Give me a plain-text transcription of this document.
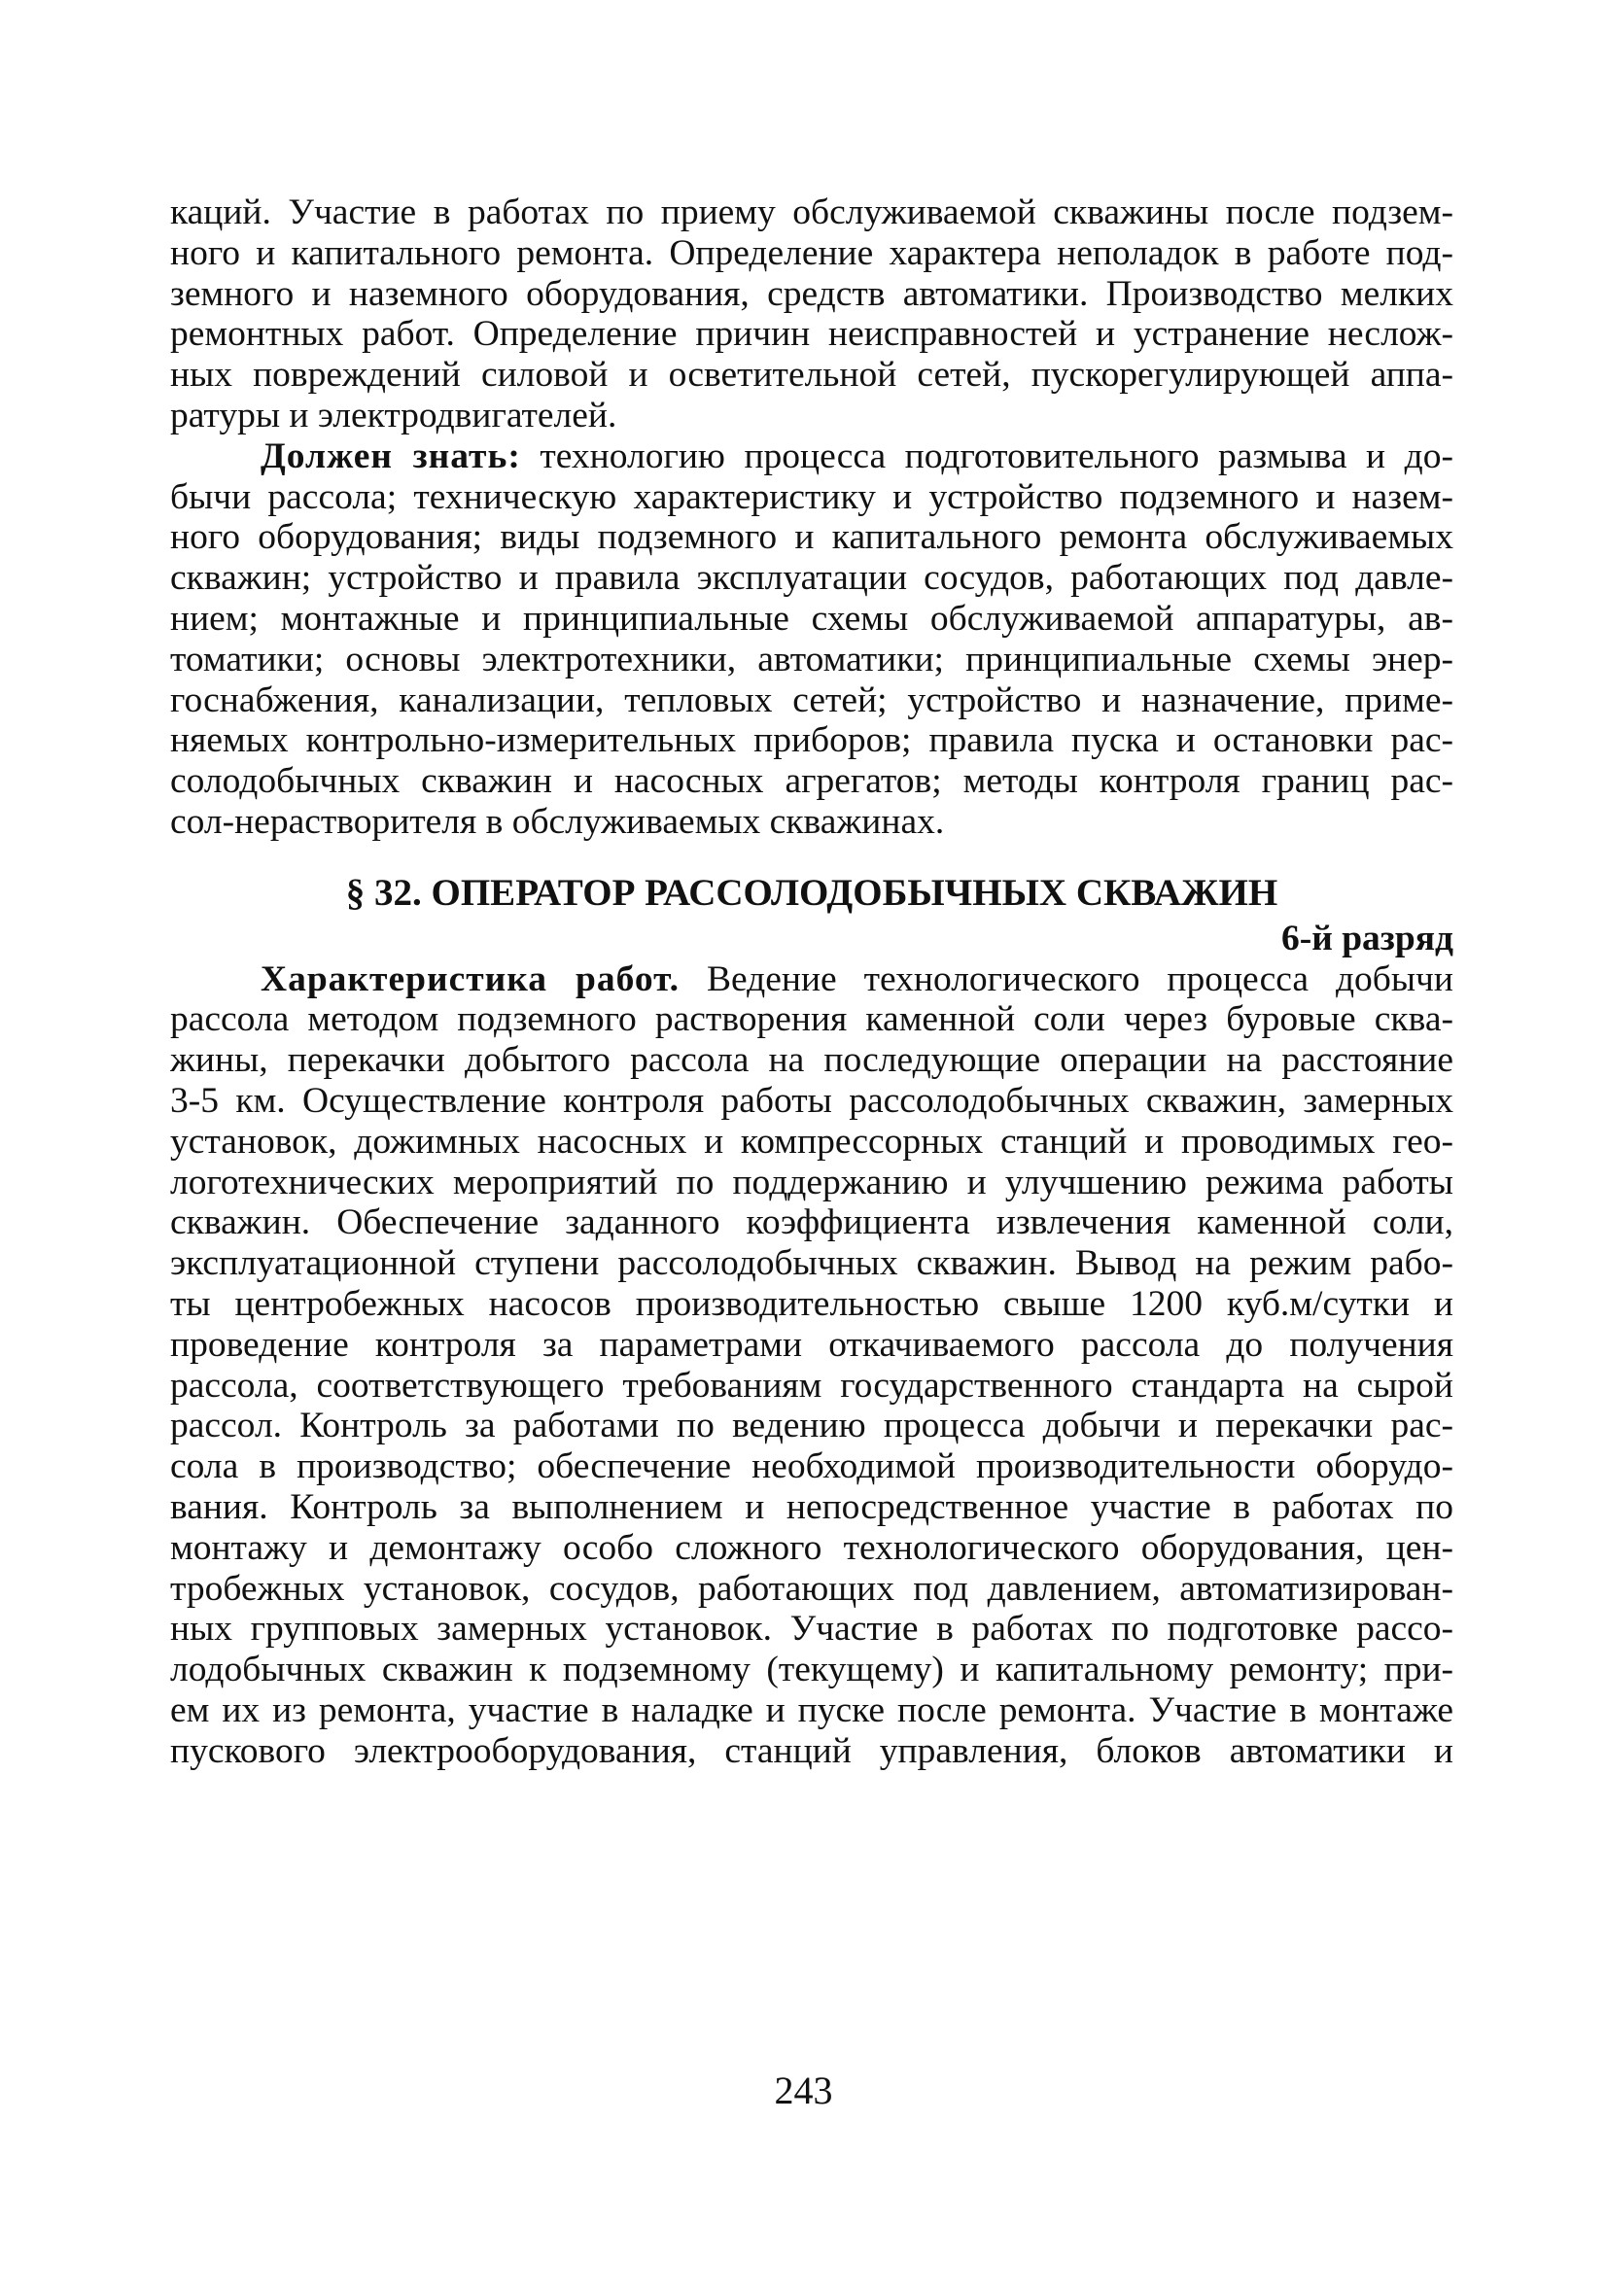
каций. Участие в работах по приему обслуживаемой скважины после подзем-
ного и капитального ремонта. Определение характера неполадок в работе под-
земного и наземного оборудования, средств автоматики. Производство мелких
ремонтных работ. Определение причин неисправностей и устранение неслож-
ных повреждений силовой и осветительной сетей, пускорегулирующей аппа-
ратуры и электродвигателей.
Должен знать: технологию процесса подготовительного размыва и до-
бычи рассола; техническую характеристику и устройство подземного и назем-
ного оборудования; виды подземного и капитального ремонта обслуживаемых
скважин; устройство и правила эксплуатации сосудов, работающих под давле-
нием; монтажные и принципиальные схемы обслуживаемой аппаратуры, ав-
томатики; основы электротехники, автоматики; принципиальные схемы энер-
госнабжения, канализации, тепловых сетей; устройство и назначение, приме-
няемых контрольно-измерительных приборов; правила пуска и остановки рас-
солодобычных скважин и насосных агрегатов; методы контроля границ рас-
сол-нерастворителя в обслуживаемых скважинах.
§ 32. ОПЕРАТОР РАССОЛОДОБЫЧНЫХ СКВАЖИН
6-й разряд
Характеристика работ. Ведение технологического процесса добычи
рассола методом подземного растворения каменной соли через буровые сква-
жины, перекачки добытого рассола на последующие операции на расстояние
3-5 км. Осуществление контроля работы рассолодобычных скважин, замерных
установок, дожимных насосных и компрессорных станций и проводимых гео-
логотехнических мероприятий по поддержанию и улучшению режима работы
скважин. Обеспечение заданного коэффициента извлечения каменной соли,
эксплуатационной ступени рассолодобычных скважин. Вывод на режим рабо-
ты центробежных насосов производительностью свыше 1200 куб.м/сутки и
проведение контроля за параметрами откачиваемого рассола до получения
рассола, соответствующего требованиям государственного стандарта на сырой
рассол. Контроль за работами по ведению процесса добычи и перекачки рас-
сола в производство; обеспечение необходимой производительности оборудо-
вания. Контроль за выполнением и непосредственное участие в работах по
монтажу и демонтажу особо сложного технологического оборудования, цен-
тробежных установок, сосудов, работающих под давлением, автоматизирован-
ных групповых замерных установок. Участие в работах по подготовке рассо-
лодобычных скважин к подземному (текущему) и капитальному ремонту; при-
ем их из ремонта, участие в наладке и пуске после ремонта. Участие в монтаже
пускового электрооборудования, станций управления, блоков автоматики и
243
